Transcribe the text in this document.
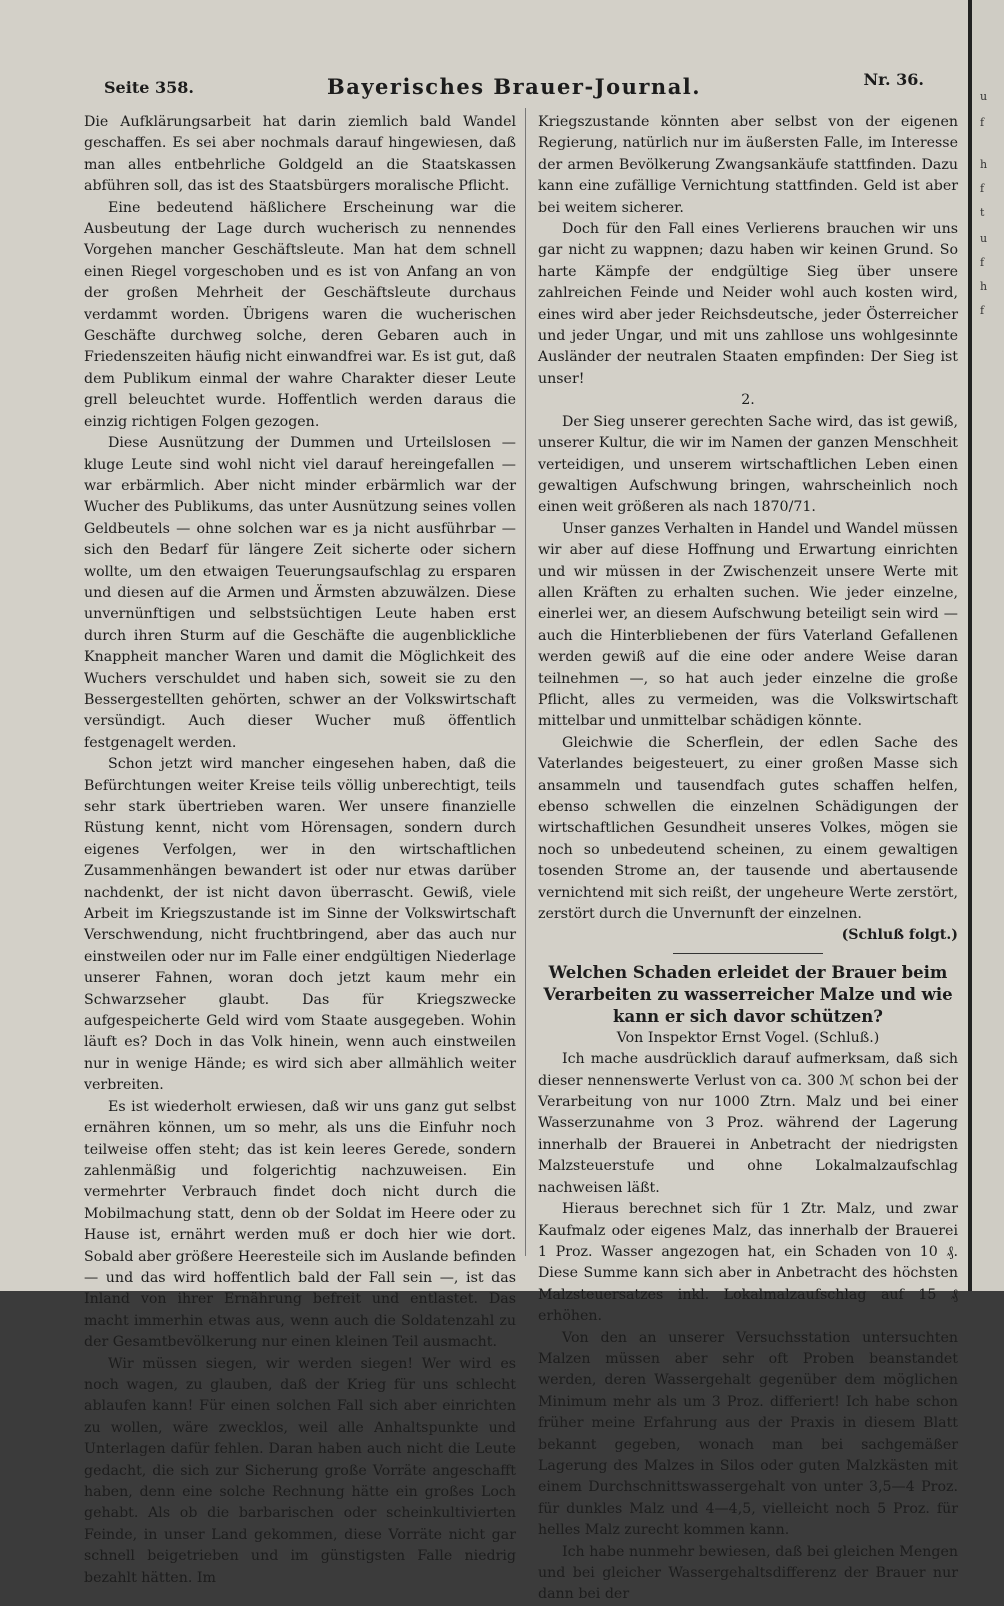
Seite 358.	Bayerisches Brauer-Journal.	Nr. 36.

Die Aufklärungsarbeit hat darin ziemlich bald Wandel geschaffen. Es sei aber nochmals darauf hingewiesen, daß man alles entbehrliche Goldgeld an die Staatskassen abführen soll, das ist des Staatsbürgers moralische Pflicht.

Eine bedeutend häßlichere Erscheinung war die Ausbeutung der Lage durch wucherisch zu nennendes Vorgehen mancher Geschäftsleute. Man hat dem schnell einen Riegel vorgeschoben und es ist von Anfang an von der großen Mehrheit der Geschäftsleute durchaus verdammt worden. Übrigens waren die wucherischen Geschäfte durchweg solche, deren Gebaren auch in Friedenszeiten häufig nicht einwandfrei war. Es ist gut, daß dem Publikum einmal der wahre Charakter dieser Leute grell beleuchtet wurde. Hoffentlich werden daraus die einzig richtigen Folgen gezogen.

Diese Ausnützung der Dummen und Urteilslosen — kluge Leute sind wohl nicht viel darauf hereingefallen — war erbärmlich. Aber nicht minder erbärmlich war der Wucher des Publikums, das unter Ausnützung seines vollen Geldbeutels — ohne solchen war es ja nicht ausführbar — sich den Bedarf für längere Zeit sicherte oder sichern wollte, um den etwaigen Teuerungsaufschlag zu ersparen und diesen auf die Armen und Ärmsten abzuwälzen. Diese unvernünftigen und selbstsüchtigen Leute haben erst durch ihren Sturm auf die Geschäfte die augenblickliche Knappheit mancher Waren und damit die Möglichkeit des Wuchers verschuldet und haben sich, soweit sie zu den Bessergestellten gehörten, schwer an der Volkswirtschaft versündigt. Auch dieser Wucher muß öffentlich festgenagelt werden.

Schon jetzt wird mancher eingesehen haben, daß die Befürchtungen weiter Kreise teils völlig unberechtigt, teils sehr stark übertrieben waren. Wer unsere finanzielle Rüstung kennt, nicht vom Hörensagen, sondern durch eigenes Verfolgen, wer in den wirtschaftlichen Zusammenhängen bewandert ist oder nur etwas darüber nachdenkt, der ist nicht davon überrascht. Gewiß, viele Arbeit im Kriegszustande ist im Sinne der Volkswirtschaft Verschwendung, nicht fruchtbringend, aber das auch nur einstweilen oder nur im Falle einer endgültigen Niederlage unserer Fahnen, woran doch jetzt kaum mehr ein Schwarzseher glaubt. Das für Kriegszwecke aufgespeicherte Geld wird vom Staate ausgegeben. Wohin läuft es? Doch in das Volk hinein, wenn auch einstweilen nur in wenige Hände; es wird sich aber allmählich weiter verbreiten.

Es ist wiederholt erwiesen, daß wir uns ganz gut selbst ernähren können, um so mehr, als uns die Einfuhr noch teilweise offen steht; das ist kein leeres Gerede, sondern zahlenmäßig und folgerichtig nachzuweisen. Ein vermehrter Verbrauch findet doch nicht durch die Mobilmachung statt, denn ob der Soldat im Heere oder zu Hause ist, ernährt werden muß er doch hier wie dort. Sobald aber größere Heeresteile sich im Auslande befinden — und das wird hoffentlich bald der Fall sein —, ist das Inland von ihrer Ernährung befreit und entlastet. Das macht immerhin etwas aus, wenn auch die Soldatenzahl zu der Gesamtbevölkerung nur einen kleinen Teil ausmacht.

Wir müssen siegen, wir werden siegen! Wer wird es noch wagen, zu glauben, daß der Krieg für uns schlecht ablaufen kann! Für einen solchen Fall sich aber einrichten zu wollen, wäre zwecklos, weil alle Anhaltspunkte und Unterlagen dafür fehlen. Daran haben auch nicht die Leute gedacht, die sich zur Sicherung große Vorräte angeschafft haben, denn eine solche Rechnung hätte ein großes Loch gehabt. Als ob die barbarischen oder scheinkultivierten Feinde, in unser Land gekommen, diese Vorräte nicht gar schnell beigetrieben und im günstigsten Falle niedrig bezahlt hätten. Im

Kriegszustande könnten aber selbst von der eigenen Regierung, natürlich nur im äußersten Falle, im Interesse der armen Bevölkerung Zwangsankäufe stattfinden. Dazu kann eine zufällige Vernichtung stattfinden. Geld ist aber bei weitem sicherer.

Doch für den Fall eines Verlierens brauchen wir uns gar nicht zu wappnen; dazu haben wir keinen Grund. So harte Kämpfe der endgültige Sieg über unsere zahlreichen Feinde und Neider wohl auch kosten wird, eines wird aber jeder Reichsdeutsche, jeder Österreicher und jeder Ungar, und mit uns zahllose uns wohlgesinnte Ausländer der neutralen Staaten empfinden: Der Sieg ist unser!

2.

Der Sieg unserer gerechten Sache wird, das ist gewiß, unserer Kultur, die wir im Namen der ganzen Menschheit verteidigen, und unserem wirtschaftlichen Leben einen gewaltigen Aufschwung bringen, wahrscheinlich noch einen weit größeren als nach 1870/71.

Unser ganzes Verhalten in Handel und Wandel müssen wir aber auf diese Hoffnung und Erwartung einrichten und wir müssen in der Zwischenzeit unsere Werte mit allen Kräften zu erhalten suchen. Wie jeder einzelne, einerlei wer, an diesem Aufschwung beteiligt sein wird — auch die Hinterbliebenen der fürs Vaterland Gefallenen werden gewiß auf die eine oder andere Weise daran teilnehmen —, so hat auch jeder einzelne die große Pflicht, alles zu vermeiden, was die Volkswirtschaft mittelbar und unmittelbar schädigen könnte.

Gleichwie die Scherflein, der edlen Sache des Vaterlandes beigesteuert, zu einer großen Masse sich ansammeln und tausendfach gutes schaffen helfen, ebenso schwellen die einzelnen Schädigungen der wirtschaftlichen Gesundheit unseres Volkes, mögen sie noch so unbedeutend scheinen, zu einem gewaltigen tosenden Strome an, der tausende und abertausende vernichtend mit sich reißt, der ungeheure Werte zerstört, zerstört durch die Unvernunft der einzelnen.

(Schluß folgt.)

Welchen Schaden erleidet der Brauer beim Verarbeiten zu wasserreicher Malze und wie kann er sich davor schützen?

Von Inspektor Ernst Vogel. (Schluß.)

Ich mache ausdrücklich darauf aufmerksam, daß sich dieser nennenswerte Verlust von ca. 300 ℳ schon bei der Verarbeitung von nur 1000 Ztrn. Malz und bei einer Wasserzunahme von 3 Proz. während der Lagerung innerhalb der Brauerei in Anbetracht der niedrigsten Malzsteuerstufe und ohne Lokalmalzaufschlag nachweisen läßt.

Hieraus berechnet sich für 1 Ztr. Malz, und zwar Kaufmalz oder eigenes Malz, das innerhalb der Brauerei 1 Proz. Wasser angezogen hat, ein Schaden von 10 ₰. Diese Summe kann sich aber in Anbetracht des höchsten Malzsteuersatzes inkl. Lokalmalzaufschlag auf 15 ₰ erhöhen.

Von den an unserer Versuchsstation untersuchten Malzen müssen aber sehr oft Proben beanstandet werden, deren Wassergehalt gegenüber dem möglichen Minimum mehr als um 3 Proz. differiert! Ich habe schon früher meine Erfahrung aus der Praxis in diesem Blatt bekannt gegeben, wonach man bei sachgemäßer Lagerung des Malzes in Silos oder guten Malzkästen mit einem Durchschnittswassergehalt von unter 3,5—4 Proz. für dunkles Malz und 4—4,5, vielleicht noch 5 Proz. für helles Malz zurecht kommen kann.

Ich habe nunmehr bewiesen, daß bei gleichen Mengen und bei gleicher Wassergehaltsdifferenz der Brauer nur dann bei der

u
f
h
f
t
u
f
h
f
